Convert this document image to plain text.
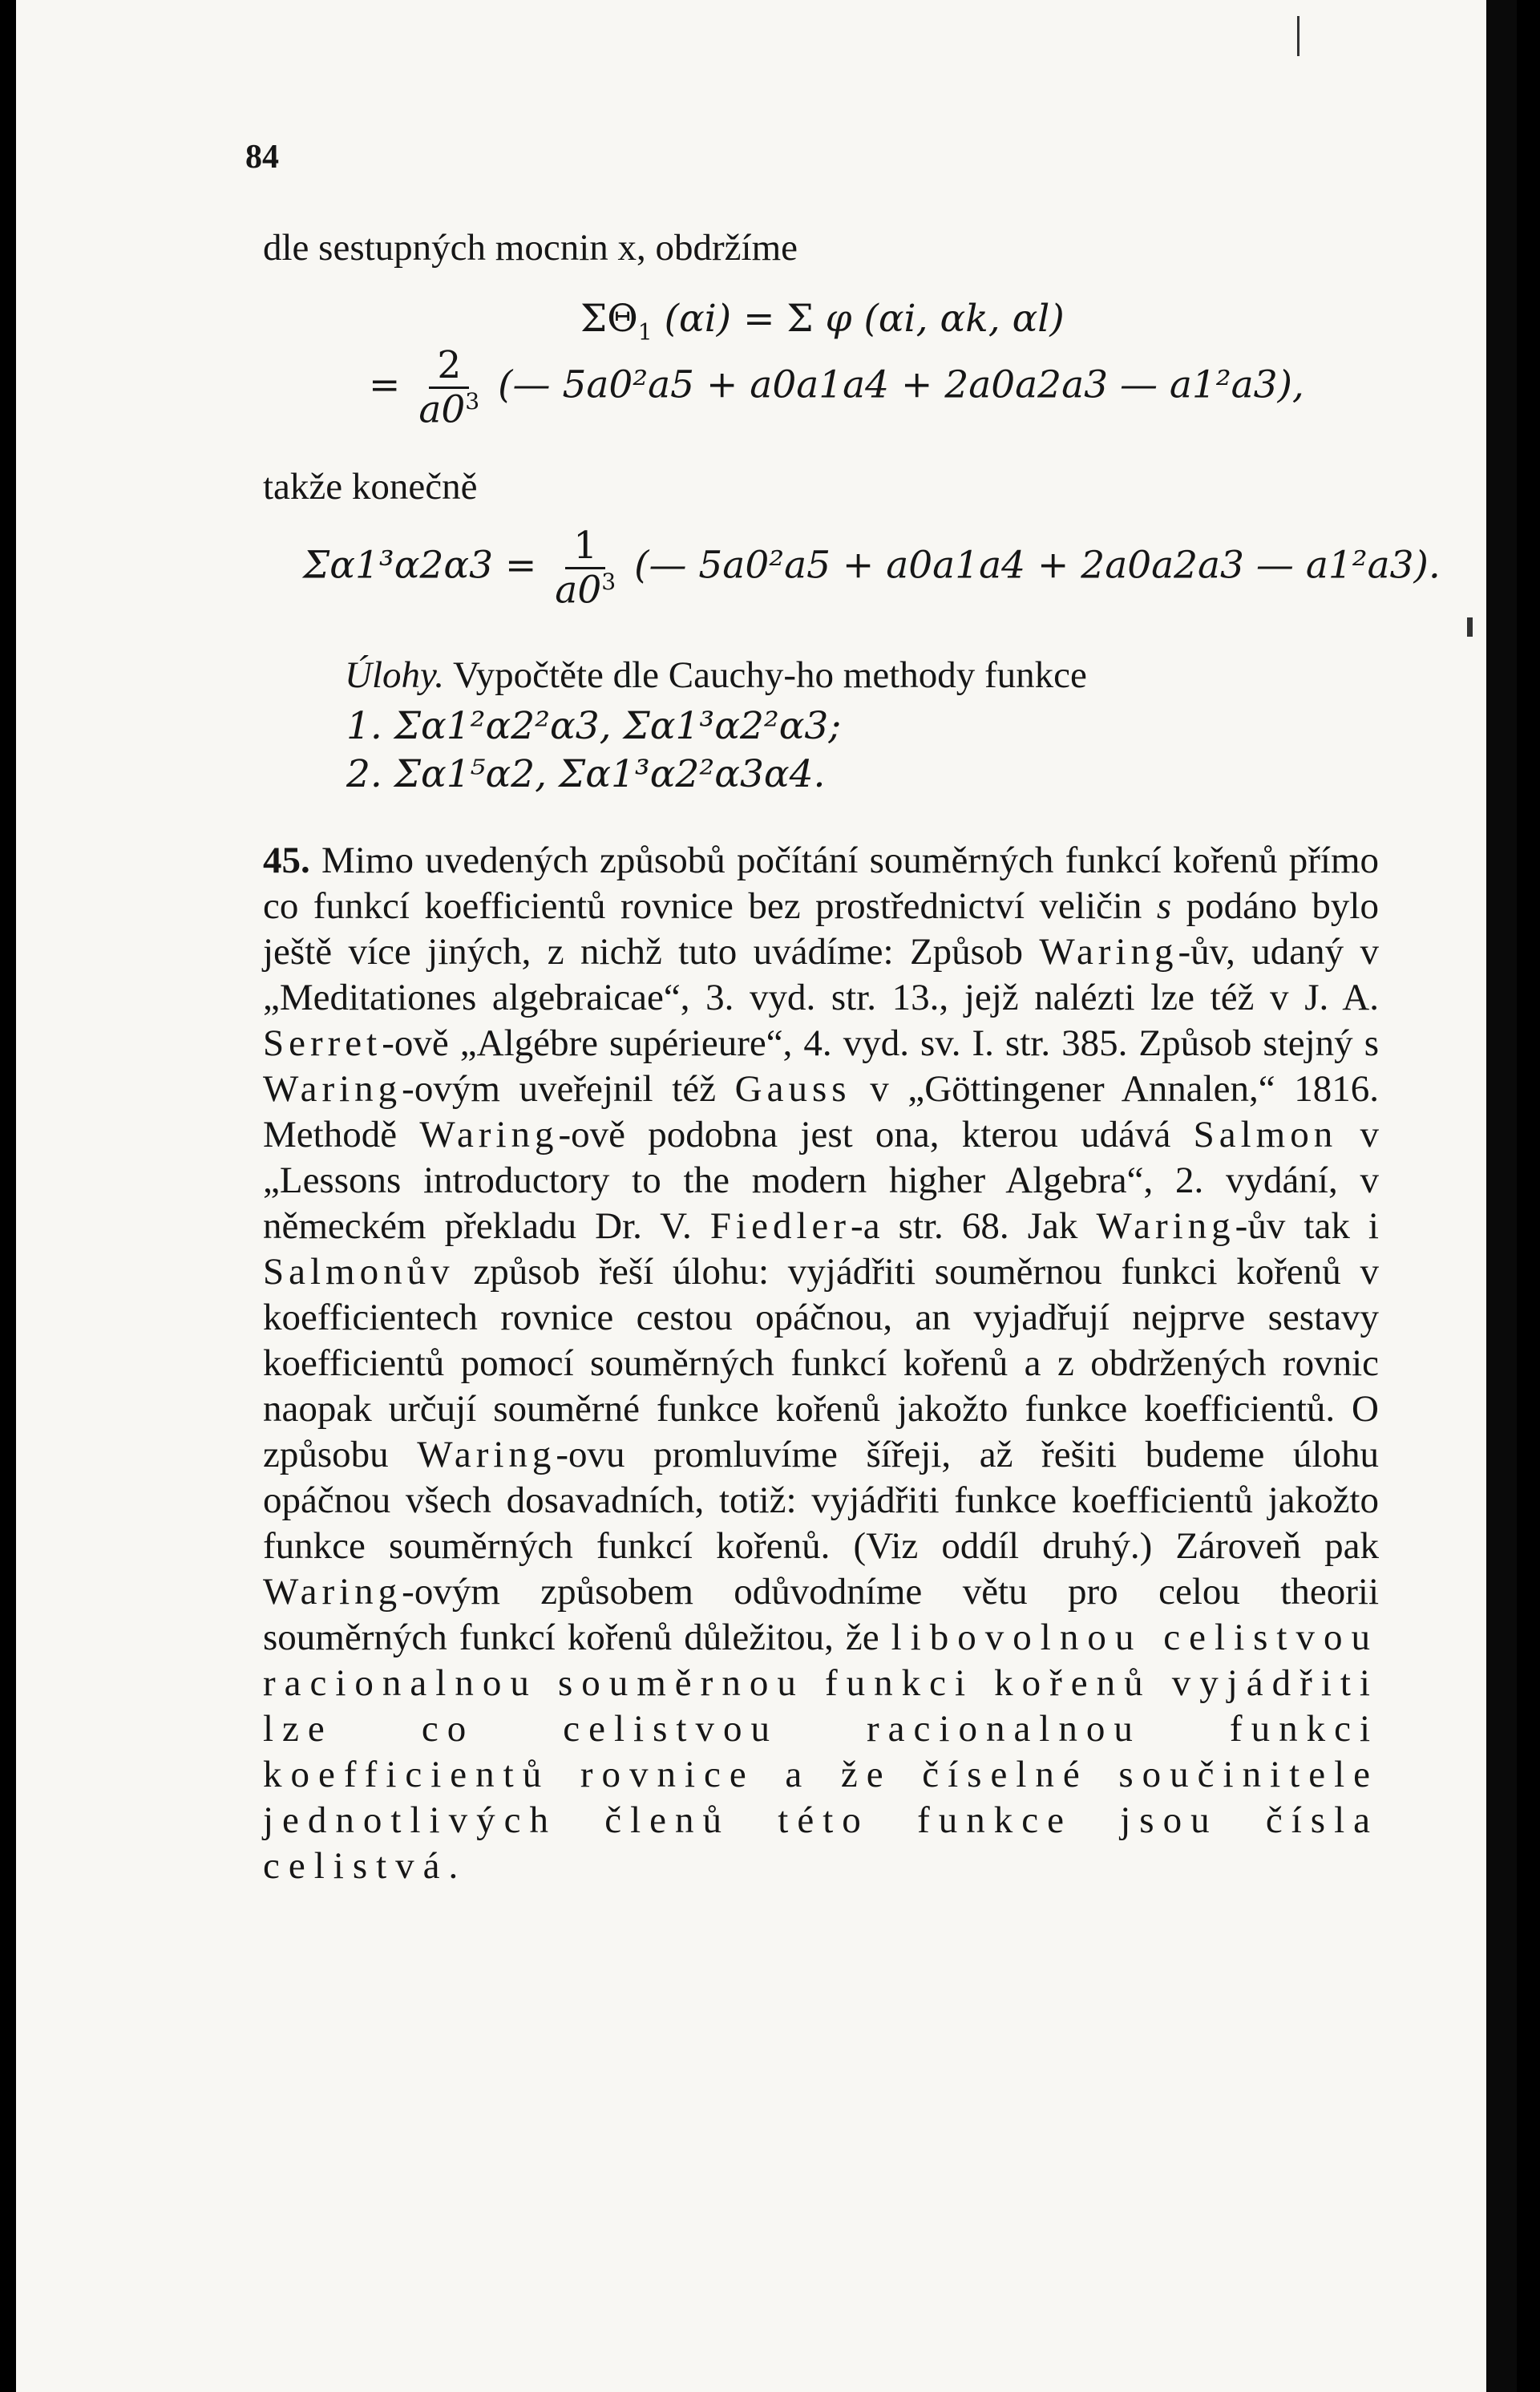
84
dle sestupných mocnin x, obdržíme
$\Sigma\Theta_1$ (αi) = Σ φ (αi, αk, αl)
= $\frac{2}{a0^3}$ (— 5a0²a5 + a0a1a4 + 2a0a2a3 — a1²a3),
takže konečně
$\Sigma\alpha 1^3\alpha 2\alpha 3 = \frac{1}{a0^3}$ (— 5a0²a5 + a0a1a4 + 2a0a2a3 — a1²a3).
Úlohy. Vypočtěte dle Cauchy-ho methody funkce
1. Σα1²α2²α3, Σα1³α2²α3;
2. Σα1⁵α2, Σα1³α2²α3α4.
45. Mimo uvedených způsobů počítání souměrných funkcí kořenů přímo co funkcí koefficientů rovnice bez prostřednictví veličin s podáno bylo ještě více jiných, z nichž tuto uvádíme: Způsob Waring-ův, udaný v „Meditationes algebraicae“, 3. vyd. str. 13., jejž nalézti lze též v J. A. Serret-ově „Algébre supérieure“, 4. vyd. sv. I. str. 385. Způsob stejný s Waring-ovým uveřejnil též Gauss v „Göttingener Annalen,“ 1816. Methodě Waring-ově podobna jest ona, kterou udává Salmon v „Lessons introductory to the modern higher Algebra“, 2. vydání, v německém překladu Dr. V. Fiedler-a str. 68. Jak Waring-ův tak i Salmonův způsob řeší úlohu: vyjádřiti souměrnou funkci kořenů v koefficientech rovnice cestou opáčnou, an vyjadřují nejprve sestavy koefficientů pomocí souměrných funkcí kořenů a z obdržených rovnic naopak určují souměrné funkce kořenů jakožto funkce koefficientů. O způsobu Waring-ovu promluvíme šířeji, až řešiti budeme úlohu opáčnou všech dosavadních, totiž: vyjádřiti funkce koefficientů jakožto funkce souměrných funkcí kořenů. (Viz oddíl druhý.) Zároveň pak Waring-ovým způsobem odůvodníme větu pro celou theorii souměrných funkcí kořenů důležitou, že libovolnou celistvou racionalnou souměrnou funkci kořenů vyjádřiti lze co celistvou racionalnou funkci koefficientů rovnice a že číselné součinitele jednotlivých členů této funkce jsou čísla celistvá.
